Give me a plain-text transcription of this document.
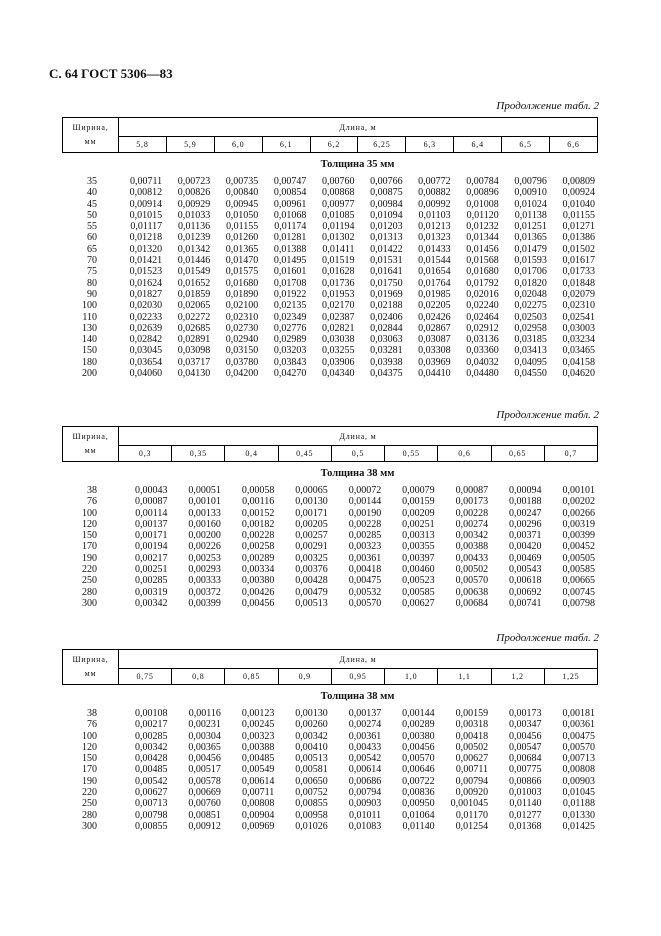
С. 64 ГОСТ 5306—83
Продолжение табл. 2
Ширина,
мм	Длина, м									
	5,8	5,9	6,0	6,1	6,2	6,25	6,3	6,4	6,5	6,6
Толщина 35 мм
35		0,00711	0,00723	0,00735	0,00747	0,00760	0,00766	0,00772	0,00784	0,00796	0,00809
40		0,00812	0,00826	0,00840	0,00854	0,00868	0,00875	0,00882	0,00896	0,00910	0,00924
45		0,00914	0,00929	0,00945	0,00961	0,00977	0,00984	0,00992	0,01008	0,01024	0,01040
50		0,01015	0,01033	0,01050	0,01068	0,01085	0,01094	0,01103	0,01120	0,01138	0,01155
55		0,01117	0,01136	0,01155	0,01174	0,01194	0,01203	0,01213	0,01232	0,01251	0,01271
60		0,01218	0,01239	0,01260	0,01281	0,01302	0,01313	0,01323	0,01344	0,01365	0,01386
65		0,01320	0,01342	0,01365	0,01388	0,01411	0,01422	0,01433	0,01456	0,01479	0,01502
70		0,01421	0,01446	0,01470	0,01495	0,01519	0,01531	0,01544	0,01568	0,01593	0,01617
75		0,01523	0,01549	0,01575	0,01601	0,01628	0,01641	0,01654	0,01680	0,01706	0,01733
80		0,01624	0,01652	0,01680	0,01708	0,01736	0,01750	0,01764	0,01792	0,01820	0,01848
90		0,01827	0,01859	0,01890	0,01922	0,01953	0,01969	0,01985	0,02016	0,02048	0,02079
100		0,02030	0,02065	0,02100	0,02135	0,02170	0,02188	0,02205	0,02240	0,02275	0,02310
110		0,02233	0,02272	0,02310	0,02349	0,02387	0,02406	0,02426	0,02464	0,02503	0,02541
130		0,02639	0,02685	0,02730	0,02776	0,02821	0,02844	0,02867	0,02912	0,02958	0,03003
140		0,02842	0,02891	0,02940	0,02989	0,03038	0,03063	0,03087	0,03136	0,03185	0,03234
150		0,03045	0,03098	0,03150	0,03203	0,03255	0,03281	0,03308	0,03360	0,03413	0,03465
180		0,03654	0,03717	0,03780	0,03843	0,03906	0,03938	0,03969	0,04032	0,04095	0,04158
200		0,04060	0,04130	0,04200	0,04270	0,04340	0,04375	0,04410	0,04480	0,04550	0,04620
Продолжение табл. 2
Ширина,
мм	Длина, м								
	0,3	0,35	0,4	0,45	0,5	0,55	0,6	0,65	0,7
Толщина 38 мм
38		0,00043	0,00051	0,00058	0,00065	0,00072	0,00079	0,00087	0,00094	0,00101
76		0,00087	0,00101	0,00116	0,00130	0,00144	0,00159	0,00173	0,00188	0,00202
100		0,00114	0,00133	0,00152	0,00171	0,00190	0,00209	0,00228	0,00247	0,00266
120		0,00137	0,00160	0,00182	0,00205	0,00228	0,00251	0,00274	0,00296	0,00319
150		0,00171	0,00200	0,00228	0,00257	0,00285	0,00313	0,00342	0,00371	0,00399
170		0,00194	0,00226	0,00258	0,00291	0,00323	0,00355	0,00388	0,00420	0,00452
190		0,00217	0,00253	0,00289	0,00325	0,00361	0,00397	0,00433	0,00469	0,00505
220		0,00251	0,00293	0,00334	0,00376	0,00418	0,00460	0,00502	0,00543	0,00585
250		0,00285	0,00333	0,00380	0,00428	0,00475	0,00523	0,00570	0,00618	0,00665
280		0,00319	0,00372	0,00426	0,00479	0,00532	0,00585	0,00638	0,00692	0,00745
300		0,00342	0,00399	0,00456	0,00513	0,00570	0,00627	0,00684	0,00741	0,00798
Продолжение табл. 2
Ширина,
мм	Длина, м								
	0,75	0,8	0,85	0,9	0,95	1,0	1,1	1,2	1,25
Толщина 38 мм
38		0,00108	0,00116	0,00123	0,00130	0,00137	0,00144	0,00159	0,00173	0,00181
76		0,00217	0,00231	0,00245	0,00260	0,00274	0,00289	0,00318	0,00347	0,00361
100		0,00285	0,00304	0,00323	0,00342	0,00361	0,00380	0,00418	0,00456	0,00475
120		0,00342	0,00365	0,00388	0,00410	0,00433	0,00456	0,00502	0,00547	0,00570
150		0,00428	0,00456	0,00485	0,00513	0,00542	0,00570	0,00627	0,00684	0,00713
170		0,00485	0,00517	0,00549	0,00581	0,00614	0,00646	0,00711	0,00775	0,00808
190		0,00542	0,00578	0,00614	0,00650	0,00686	0,00722	0,00794	0,00866	0,00903
220		0,00627	0,00669	0,00711	0,00752	0,00794	0,00836	0,00920	0,01003	0,01045
250		0,00713	0,00760	0,00808	0,00855	0,00903	0,00950	0,001045	0,01140	0,01188
280		0,00798	0,00851	0,00904	0,00958	0,01011	0,01064	0,01170	0,01277	0,01330
300		0,00855	0,00912	0,00969	0,01026	0,01083	0,01140	0,01254	0,01368	0,01425
